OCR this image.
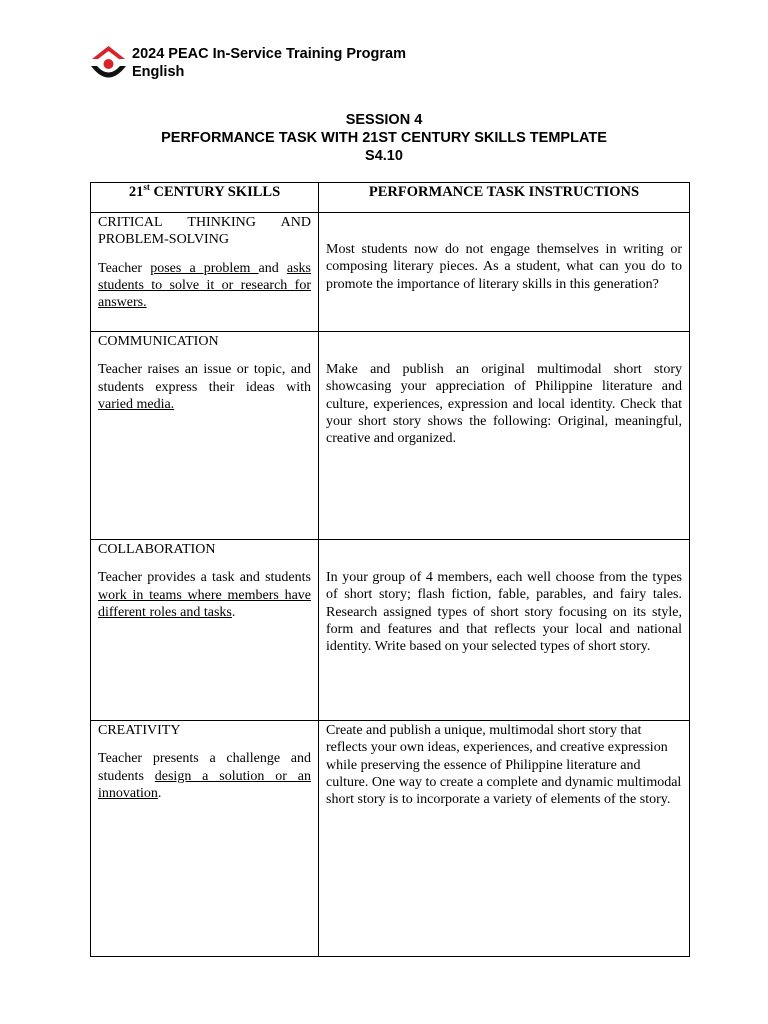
2024 PEAC In-Service Training Program
English
SESSION 4
PERFORMANCE TASK WITH 21ST CENTURY SKILLS TEMPLATE
S4.10
21st CENTURY SKILLS	PERFORMANCE TASK INSTRUCTIONS

CRITICAL THINKING AND
PROBLEM-SOLVING
Teacher poses a problem and asks students to solve it or research for answers.	Most students now do not engage themselves in writing or composing literary pieces. As a student, what can you do to promote the importance of literary skills in this generation?

COMMUNICATION
Teacher raises an issue or topic, and students express their ideas with varied media.	Make and publish an original multimodal short story showcasing your appreciation of Philippine literature and culture, experiences, expression and local identity. Check that your short story shows the following: Original, meaningful, creative and organized.

COLLABORATION
Teacher provides a task and students work in teams where members have different roles and tasks.	In your group of 4 members, each well choose from the types of short story; flash fiction, fable, parables, and fairy tales. Research assigned types of short story focusing on its style, form and features and that reflects your local and national identity. Write based on your selected types of short story.

CREATIVITY
Teacher presents a challenge and students design a solution or an innovation.	Create and publish a unique, multimodal short story that reflects your own ideas, experiences, and creative expression while preserving the essence of Philippine literature and culture. One way to create a complete and dynamic multimodal short story is to incorporate a variety of elements of the story.
